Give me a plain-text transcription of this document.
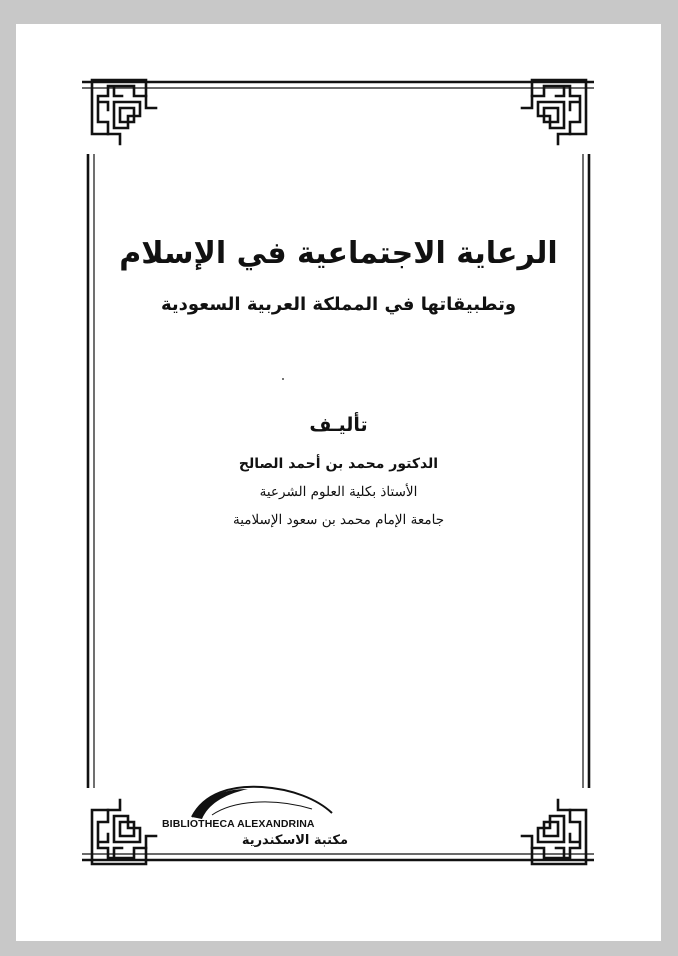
الرعاية الاجتماعية في الإسلام
وتطبيقاتها في المملكة العربية السعودية
تأليـف
الدكتور محمد بن أحمد الصالح
الأستاذ بكلية العلوم الشرعية
جامعة الإمام محمد بن سعود الإسلامية
BIBLIOTHECA ALEXANDRINA
مكتبة الاسكندرية
